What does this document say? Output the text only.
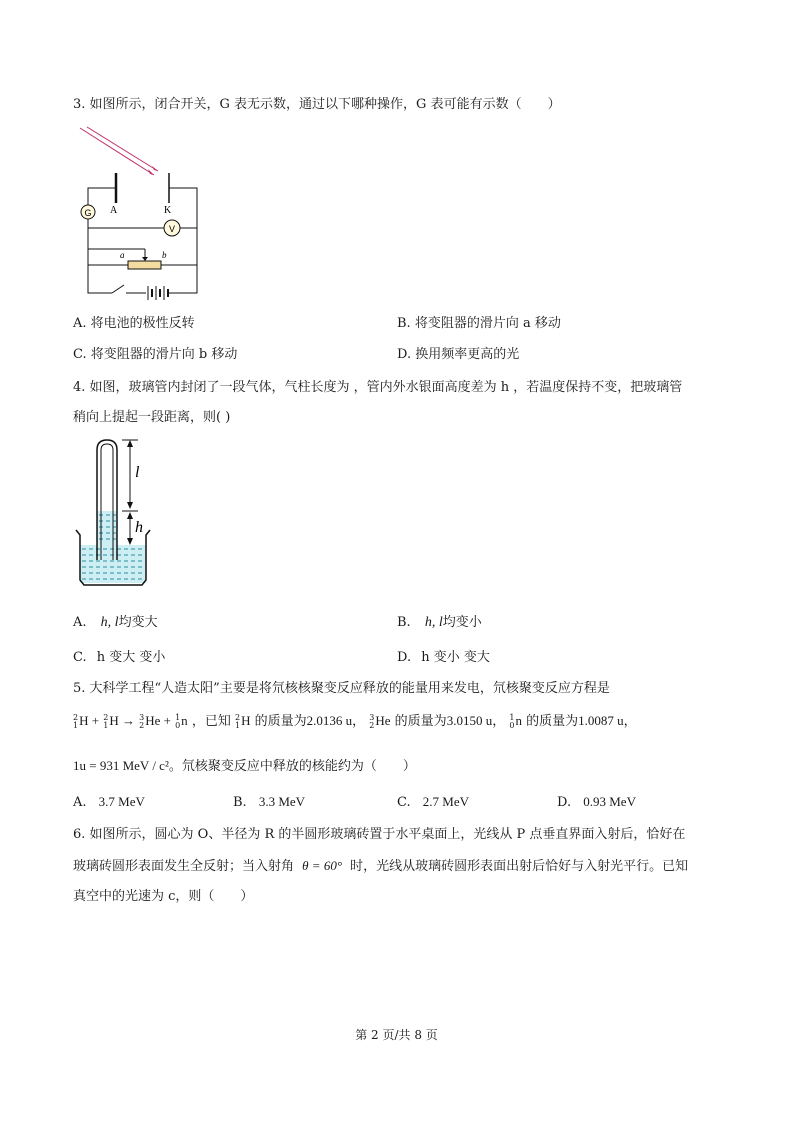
3. 如图所示，闭合开关，G 表无示数，通过以下哪种操作，G 表可能有示数（　　）
G A	K
V
a	b
A. 将电池的极性反转	B. 将变阻器的滑片向 a 移动
C. 将变阻器的滑片向 b 移动	D. 换用频率更高的光
4. 如图，玻璃管内封闭了一段气体，气柱长度为 ，管内外水银面高度差为 h ，若温度保持不变，把玻璃管
稍向上提起一段距离，则( )
l
h
A. h, l均变大	B. h, l均变小
C. h 变大 变小	D. h 变小 变大
5. 大科学工程“人造太阳”主要是将氘核核聚变反应释放的能量用来发电，氘核聚变反应方程是
2
1 H + 2
1 H → 3
2 He + 1
0 n ，已知 2
1 H 的质量为2.0136 u， 3
2 He 的质量为3.0150 u， 1
0 n 的质量为1.0087 u，
1u = 931 MeV / c²。氘核聚变反应中释放的核能约为（　　）
A. 3.7 MeV	B. 3.3 MeV	C. 2.7 MeV	D. 0.93 MeV
6. 如图所示，圆心为 O、半径为 R 的半圆形玻璃砖置于水平桌面上，光线从 P 点垂直界面入射后，恰好在
玻璃砖圆形表面发生全反射；当入射角 θ = 60° 时，光线从玻璃砖圆形表面出射后恰好与入射光平行。已知
真空中的光速为 c，则（　　）
第 2 页/共 8 页
